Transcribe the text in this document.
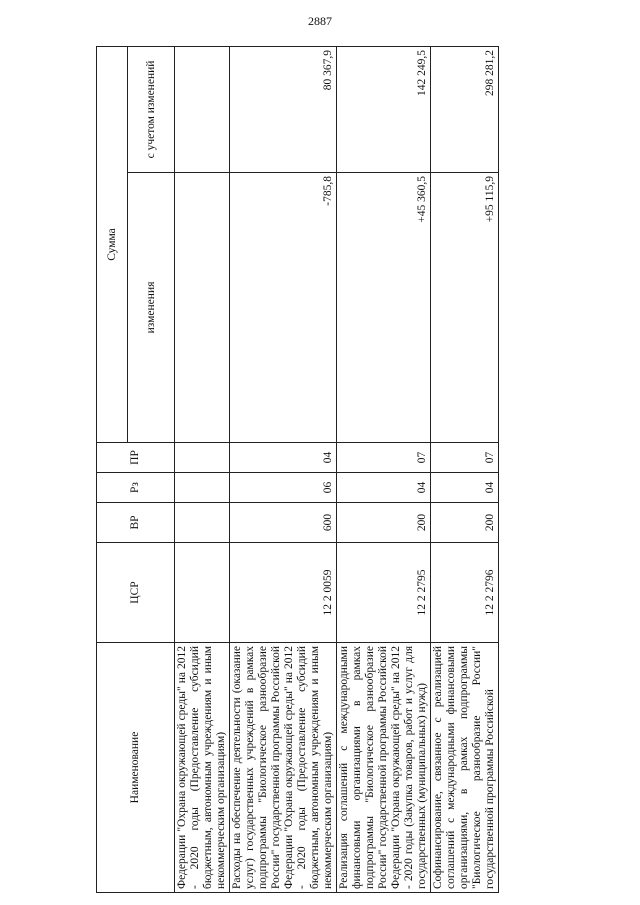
2887
Наименование	ЦСР	ВР	Рз	ПР	Сумма	
					изменения	с учетом изменений
Федерации "Охрана окружающей среды" на 2012 - 2020 годы (Предоставление субсидий бюджетным, автономным учреждениям и иным некоммерческим организациям)						
Расходы на обеспечение деятельности (оказание услуг) государственных учреждений в рамках подпрограммы "Биологическое разнообразие России" государственной программы Российской Федерации "Охрана окружающей среды" на 2012 - 2020 годы (Предоставление субсидий бюджетным, автономным учреждениям и иным некоммерческим организациям)	12 2 0059	600	06	04	-785,8	80 367,9
Реализация соглашений с международными финансовыми организациями в рамках подпрограммы "Биологическое разнообразие России" государственной программы Российской Федерации "Охрана окружающей среды" на 2012 - 2020 годы (Закупка товаров, работ и услуг для государственных (муниципальных) нужд)	12 2 2795	200	04	07	+45 360,5	142 249,5
Софинансирование, связанное с реализацией соглашений с международными финансовыми организациями, в рамках подпрограммы "Биологическое разнообразие России" государственной программы Российской	12 2 2796	200	04	07	+95 115,9	298 281,2
